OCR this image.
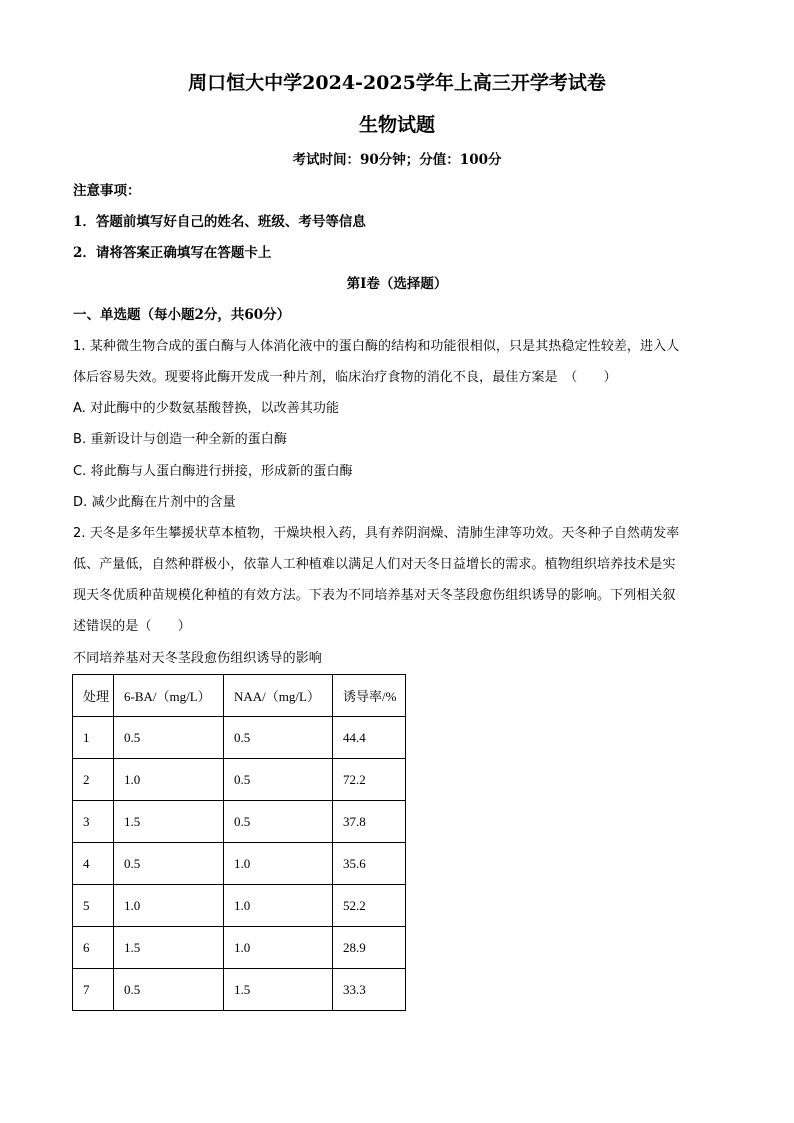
周口恒大中学2024-2025学年上高三开学考试卷
生物试题
考试时间：90分钟；分值：100分
注意事项：
1．答题前填写好自己的姓名、班级、考号等信息
2．请将答案正确填写在答题卡上
第I卷（选择题）
一、单选题（每小题2分，共60分）
1. 某种微生物合成的蛋白酶与人体消化液中的蛋白酶的结构和功能很相似，只是其热稳定性较差，进入人
体后容易失效。现要将此酶开发成一种片剂，临床治疗食物的消化不良，最佳方案是　（　　）
A. 对此酶中的少数氨基酸替换，以改善其功能
B. 重新设计与创造一种全新的蛋白酶
C. 将此酶与人蛋白酶进行拼接，形成新的蛋白酶
D. 减少此酶在片剂中的含量
2. 天冬是多年生攀援状草本植物，干燥块根入药，具有养阴润燥、清肺生津等功效。天冬种子自然萌发率
低、产量低，自然种群极小，依靠人工种植难以满足人们对天冬日益增长的需求。植物组织培养技术是实
现天冬优质种苗规模化种植的有效方法。下表为不同培养基对天冬茎段愈伤组织诱导的影响。下列相关叙
述错误的是（　　）
不同培养基对天冬茎段愈伤组织诱导的影响
处理	6-BA/（mg/L）	NAA/（mg/L）	诱导率/%
1	0.5	0.5	44.4
2	1.0	0.5	72.2
3	1.5	0.5	37.8
4	0.5	1.0	35.6
5	1.0	1.0	52.2
6	1.5	1.0	28.9
7	0.5	1.5	33.3
